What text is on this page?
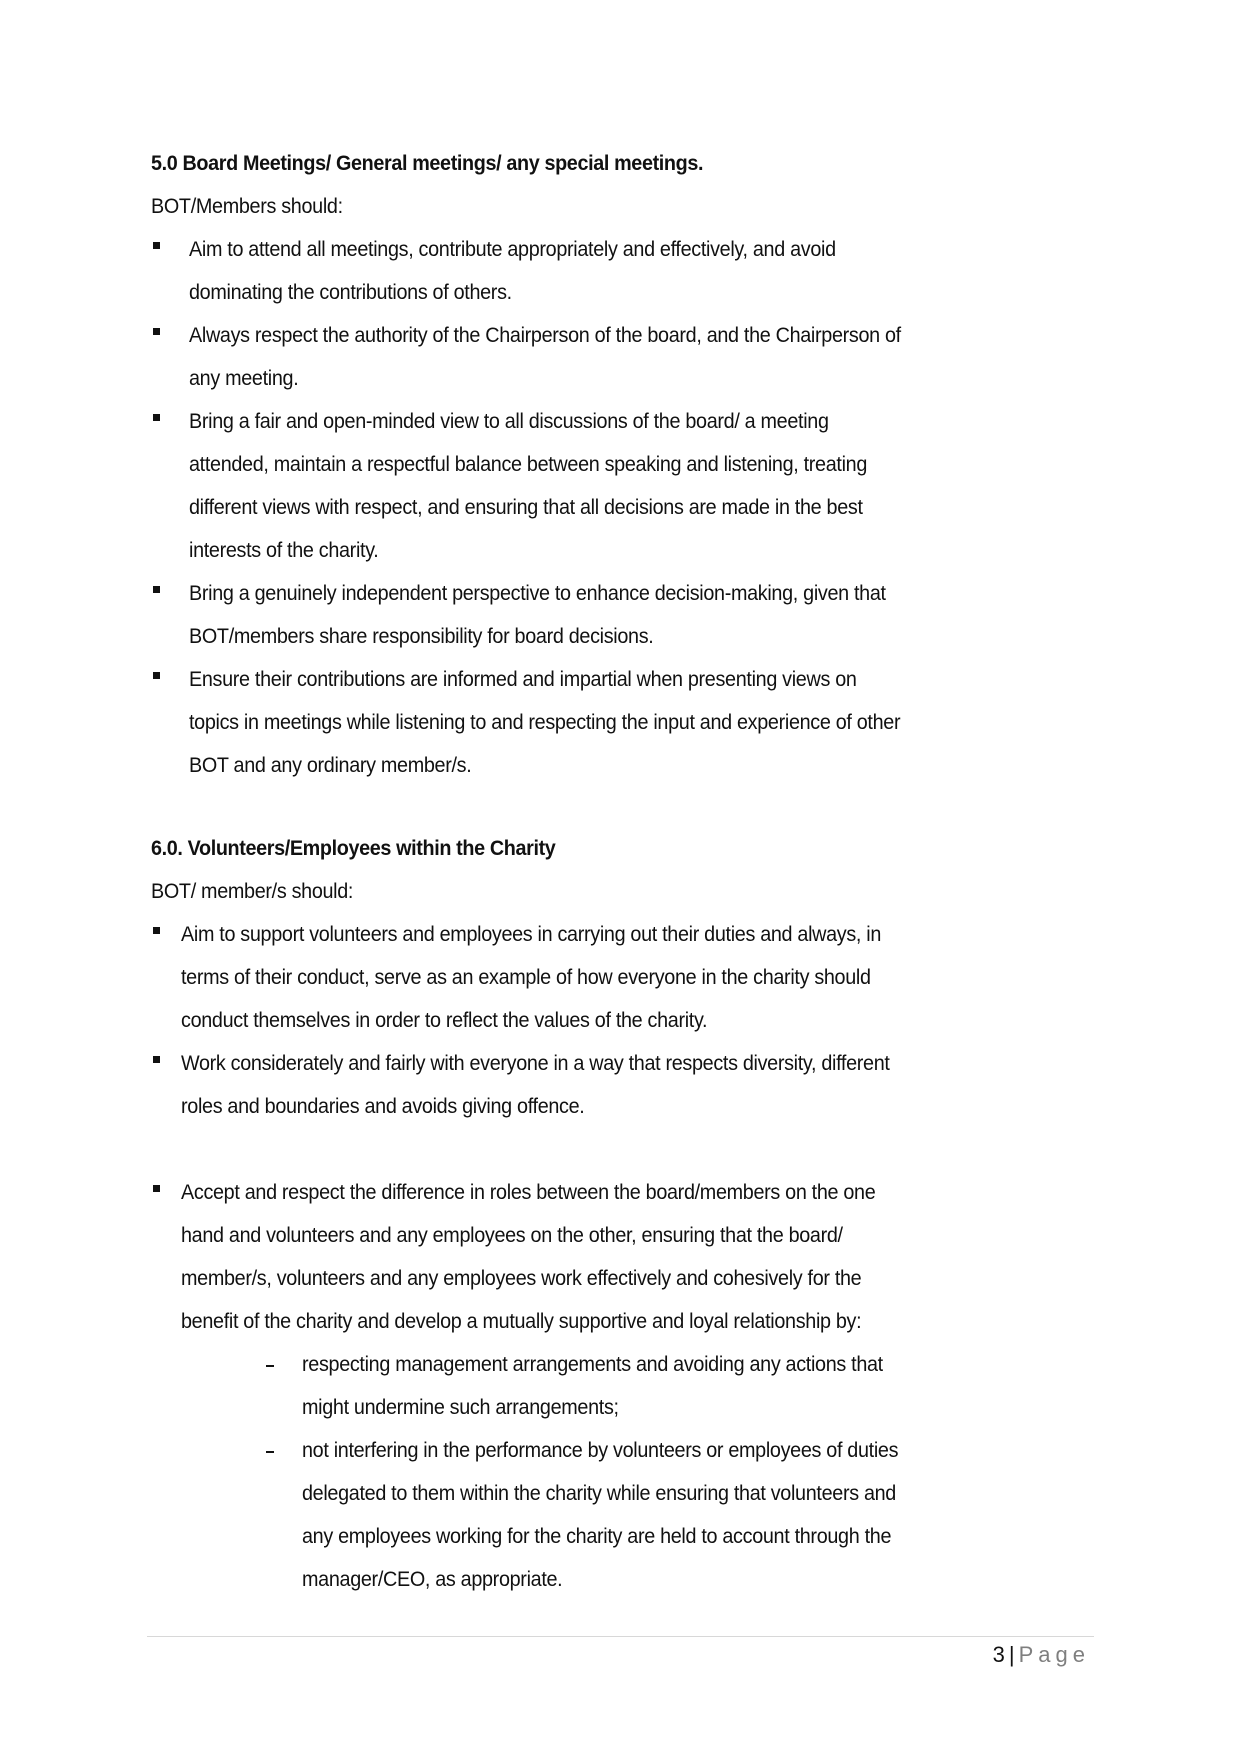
5.0 Board Meetings/ General meetings/ any special meetings.
BOT/Members should:
Aim to attend all meetings, contribute appropriately and effectively, and avoid
dominating the contributions of others.
Always respect the authority of the Chairperson of the board, and the Chairperson of
any meeting.
Bring a fair and open-minded view to all discussions of the board/ a meeting
attended, maintain a respectful balance between speaking and listening, treating
different views with respect, and ensuring that all decisions are made in the best
interests of the charity.
Bring a genuinely independent perspective to enhance decision-making, given that
BOT/members share responsibility for board decisions.
Ensure their contributions are informed and impartial when presenting views on
topics in meetings while listening to and respecting the input and experience of other
BOT and any ordinary member/s.
6.0. Volunteers/Employees within the Charity
BOT/ member/s should:
Aim to support volunteers and employees in carrying out their duties and always, in
terms of their conduct, serve as an example of how everyone in the charity should
conduct themselves in order to reflect the values of the charity.
Work considerately and fairly with everyone in a way that respects diversity, different
roles and boundaries and avoids giving offence.
Accept and respect the difference in roles between the board/members on the one
hand and volunteers and any employees on the other, ensuring that the board/
member/s, volunteers and any employees work effectively and cohesively for the
benefit of the charity and develop a mutually supportive and loyal relationship by:
respecting management arrangements and avoiding any actions that
might undermine such arrangements;
not interfering in the performance by volunteers or employees of duties
delegated to them within the charity while ensuring that volunteers and
any employees working for the charity are held to account through the
manager/CEO, as appropriate.
3 | Page
